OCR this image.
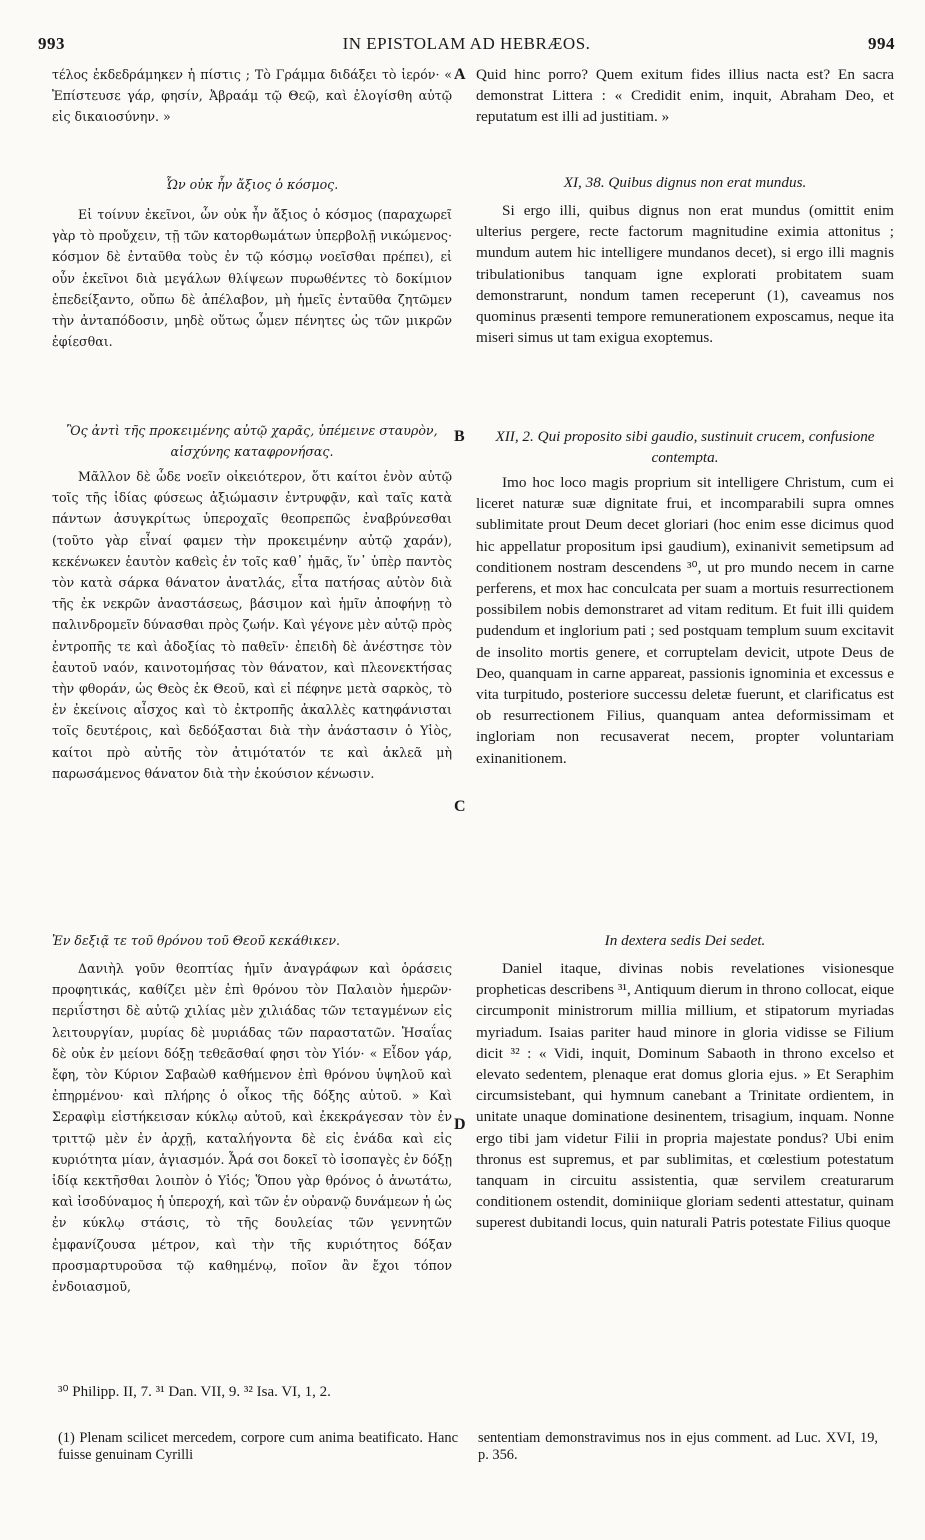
993	IN EPISTOLAM AD HEBRÆOS.	994

τέλος ἐκδεδράμηκεν ἡ πίστις ; Τὸ Γράμμα διδάξει τὸ ἱερόν· « Ἐπίστευσε γάρ, φησίν, Ἀβραάμ τῷ Θεῷ, καὶ ἐλογίσθη αὐτῷ εἰς δικαιοσύνην. »

Ὧν οὐκ ἦν ἄξιος ὁ κόσμος.

Εἰ τοίνυν ἐκεῖνοι, ὧν οὐκ ἦν ἄξιος ὁ κόσμος (παραχωρεῖ γὰρ τὸ προὔχειν, τῇ τῶν κατορθωμάτων ὑπερβολῇ νικώμενος· κόσμον δὲ ἐνταῦθα τοὺς ἐν τῷ κόσμῳ νοεῖσθαι πρέπει), εἰ οὖν ἐκεῖνοι διὰ μεγάλων θλίψεων πυρωθέντες τὸ δοκίμιον ἐπεδείξαντο, οὔπω δὲ ἀπέλαβον, μὴ ἡμεῖς ἐνταῦθα ζητῶμεν τὴν ἀνταπόδοσιν, μηδὲ οὕτως ὦμεν πένητες ὡς τῶν μικρῶν ἐφίεσθαι.

Ὃς ἀντὶ τῆς προκειμένης αὐτῷ χαρᾶς, ὑπέμεινε σταυρὸν, αἰσχύνης καταφρονήσας.

Μᾶλλον δὲ ὧδε νοεῖν οἰκειότερον, ὅτι καίτοι ἐνὸν αὐτῷ τοῖς τῆς ἰδίας φύσεως ἀξιώμασιν ἐντρυφᾷν, καὶ ταῖς κατὰ πάντων ἀσυγκρίτως ὑπεροχαῖς θεοπρεπῶς ἐναβρύνεσθαι (τοῦτο γὰρ εἶναί φαμεν τὴν προκειμένην αὐτῷ χαράν), κεκένωκεν ἑαυτὸν καθεὶς ἐν τοῖς καθ᾽ ἡμᾶς, ἵν᾽ ὑπὲρ παντὸς τὸν κατὰ σάρκα θάνατον ἀνατλάς, εἶτα πατήσας αὐτὸν διὰ τῆς ἐκ νεκρῶν ἀναστάσεως, βάσιμον καὶ ἡμῖν ἀποφήνῃ τὸ παλινδρομεῖν δύνασθαι πρὸς ζωήν. Καὶ γέγονε μὲν αὐτῷ πρὸς ἐντροπῆς τε καὶ ἀδοξίας τὸ παθεῖν· ἐπειδὴ δὲ ἀνέστησε τὸν ἑαυτοῦ ναόν, καινοτομήσας τὸν θάνατον, καὶ πλεονεκτήσας τὴν φθοράν, ὡς Θεὸς ἐκ Θεοῦ, καὶ εἰ πέφηνε μετὰ σαρκὸς, τὸ ἐν ἐκείνοις αἶσχος καὶ τὸ ἐκτροπῆς ἀκαλλὲς κατηφάνισται τοῖς δευτέροις, καὶ δεδόξασται διὰ τὴν ἀνάστασιν ὁ Υἱὸς, καίτοι πρὸ αὐτῆς τὸν ἀτιμότατόν τε καὶ ἀκλεᾶ μὴ παρωσάμενος θάνατον διὰ τὴν ἑκούσιον κένωσιν.

Ἐν δεξιᾷ τε τοῦ θρόνου τοῦ Θεοῦ κεκάθικεν.

Δανιὴλ γοῦν θεοπτίας ἡμῖν ἀναγράφων καὶ ὁράσεις προφητικάς, καθίζει μὲν ἐπὶ θρόνου τὸν Παλαιὸν ἡμερῶν· περιΐστησι δὲ αὐτῷ χιλίας μὲν χιλιάδας τῶν τεταγμένων εἰς λειτουργίαν, μυρίας δὲ μυριάδας τῶν παραστατῶν. Ἡσαΐας δὲ οὐκ ἐν μείονι δόξῃ τεθεᾶσθαί φησι τὸν Υἱόν· « Εἶδον γάρ, ἔφη, τὸν Κύριον Σαβαὼθ καθήμενον ἐπὶ θρόνου ὑψηλοῦ καὶ ἐπηρμένου· καὶ πλήρης ὁ οἶκος τῆς δόξης αὐτοῦ. » Καὶ Σεραφὶμ εἱστήκεισαν κύκλῳ αὐτοῦ, καὶ ἐκεκράγεσαν τὸν ἐν τριττῷ μὲν ἐν ἀρχῇ, καταλήγοντα δὲ εἰς ἑνάδα καὶ εἰς κυριότητα μίαν, ἁγιασμόν. Ἆρά σοι δοκεῖ τὸ ἰσοπαγὲς ἐν δόξῃ ἰδίᾳ κεκτῆσθαι λοιπὸν ὁ Υἱός; Ὅπου γὰρ θρόνος ὁ ἀνωτάτω, καὶ ἰσοδύναμος ἡ ὑπεροχή, καὶ τῶν ἐν οὐρανῷ δυνάμεων ἡ ὡς ἐν κύκλῳ στάσις, τὸ τῆς δουλείας τῶν γεννητῶν ἐμφανίζουσα μέτρον, καὶ τὴν τῆς κυριότητος δόξαν προσμαρτυροῦσα τῷ καθημένῳ, ποῖον ἂν ἔχοι τόπον ἐνδοιασμοῦ,

A
B
C
D

Quid hinc porro? Quem exitum fides illius nacta est? En sacra demonstrat Littera : « Credidit enim, inquit, Abraham Deo, et reputatum est illi ad justitiam. »

XI, 38. Quibus dignus non erat mundus.

Si ergo illi, quibus dignus non erat mundus (omittit enim ulterius pergere, recte factorum magnitudine eximia attonitus ; mundum autem hic intelligere mundanos decet), si ergo illi magnis tribulationibus tanquam igne explorati probitatem suam demonstrarunt, nondum tamen receperunt (1), caveamus nos quominus præsenti tempore remunerationem exposcamus, neque ita miseri simus ut tam exigua exoptemus.

XII, 2. Qui proposito sibi gaudio, sustinuit crucem, confusione contempta.

Imo hoc loco magis proprium sit intelligere Christum, cum ei liceret naturæ suæ dignitate frui, et incomparabili supra omnes sublimitate prout Deum decet gloriari (hoc enim esse dicimus quod hic appellatur propositum ipsi gaudium), exinanivit semetipsum ad conditionem nostram descendens ³⁰, ut pro mundo necem in carne perferens, et mox hac conculcata per suam a mortuis resurrectionem possibilem nobis demonstraret ad vitam reditum. Et fuit illi quidem pudendum et inglorium pati ; sed postquam templum suum excitavit de insolito mortis genere, et corruptelam devicit, utpote Deus de Deo, quanquam in carne appareat, passionis ignominia et excessus e vita turpitudo, posteriore successu deletæ fuerunt, et clarificatus est ob resurrectionem Filius, quanquam antea deformissimam et ingloriam non recusaverat necem, propter voluntariam exinanitionem.

In dextera sedis Dei sedet.

Daniel itaque, divinas nobis revelationes visionesque propheticas describens ³¹, Antiquum dierum in throno collocat, eique circumponit ministrorum millia millium, et stipatorum myriadas myriadum. Isaias pariter haud minore in gloria vidisse se Filium dicit ³² : « Vidi, inquit, Dominum Sabaoth in throno excelso et elevato sedentem, plenaque erat domus gloria ejus. » Et Seraphim circumsistebant, qui hymnum canebant a Trinitate ordientem, in unitate unaque dominatione desinentem, trisagium, inquam. Nonne ergo tibi jam videtur Filii in propria majestate pondus? Ubi enim thronus est supremus, et par sublimitas, et cœlestium potestatum tanquam in circuitu assistentia, quæ servilem creaturarum conditionem ostendit, dominiique gloriam sedenti attestatur, quinam superest dubitandi locus, quin naturali Patris potestate Filius quoque

³⁰ Philipp. II, 7. ³¹ Dan. VII, 9. ³² Isa. VI, 1, 2.

(1) Plenam scilicet mercedem, corpore cum anima beatificato. Hanc fuisse genuinam Cyrilli

sententiam demonstravimus nos in ejus comment. ad Luc. XVI, 19, p. 356.
